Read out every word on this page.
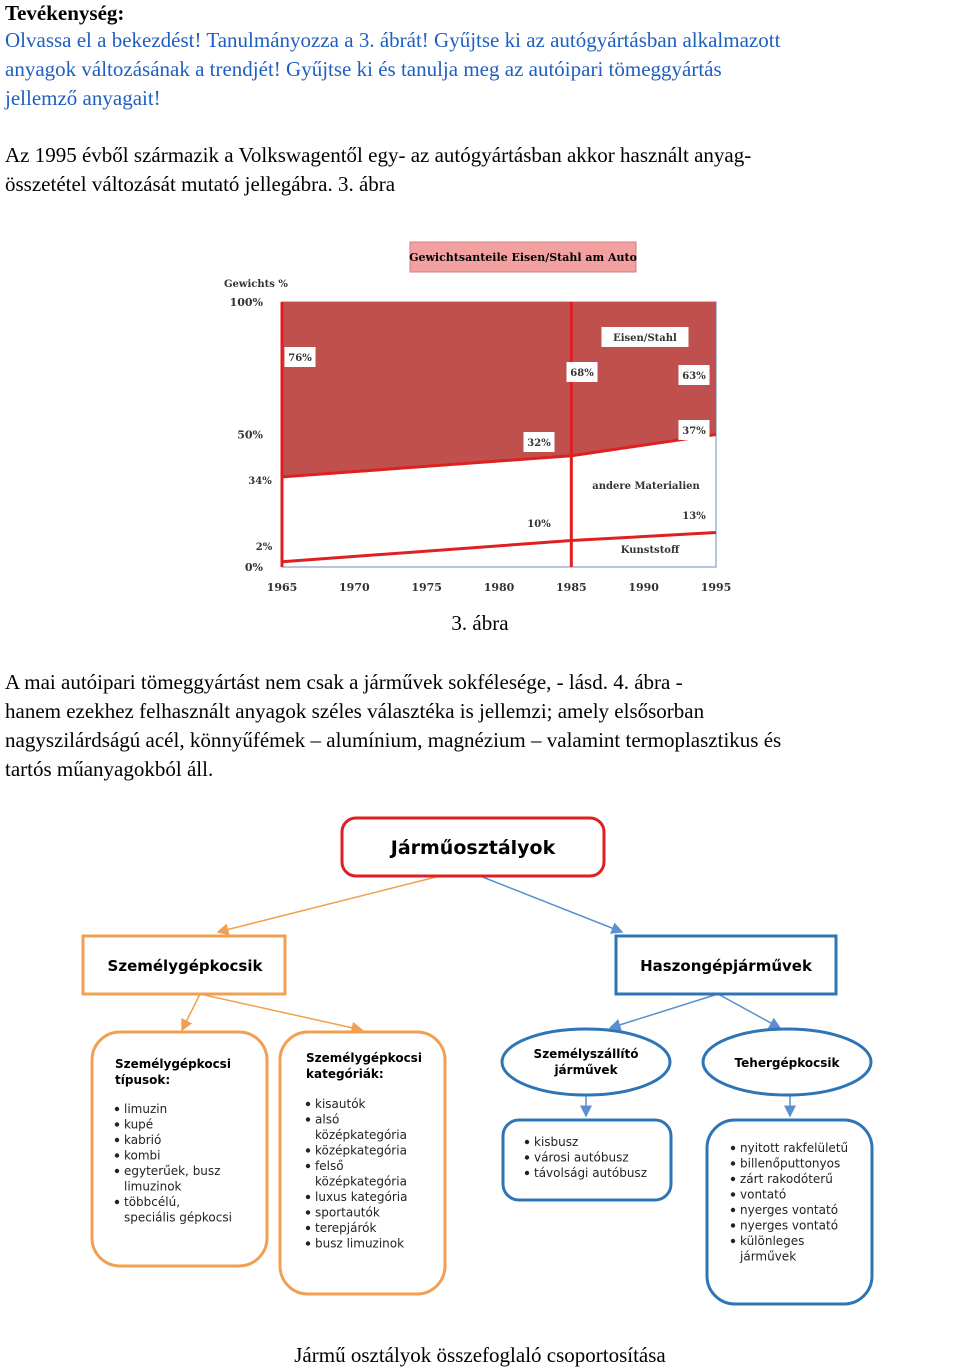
Tevékenység:
Olvassa el a bekezdést! Tanulmányozza a 3. ábrát! Gyűjtse ki az autógyártásban alkalmazott
anyagok változásának a trendjét! Gyűjtse ki és tanulja meg az autóipari tömeggyártás
jellemző anyagait!
Az 1995 évből származik a Volkswagentől egy- az autógyártásban akkor használt anyag-
összetétel változását mutató jellegábra. 3. ábra
Gewichtsanteile Eisen/Stahl am Auto
Gewichts %
100%
50%
0%
1965	1970	1975	1980	1985	1990	1995
76%
68%	63%
32%
37%
34%
2%
10%
13%
Eisen/Stahl
andere Materialien
Kunststoff
3. ábra
A mai autóipari tömeggyártást nem csak a járművek sokfélesége, - lásd. 4. ábra -
hanem ezekhez felhasznált anyagok széles választéka is jellemzi; amely elsősorban
nagyszilárdságú acél, könnyűfémek – alumínium, magnézium – valamint termoplasztikus és
tartós műanyagokból áll.
Járműosztályok
Személygépkocsik	Haszongépjárművek
Személygépkocsi
típusok:
limuzin
kupé
kabrió
kombi
egyterűek, busz
limuzinok
többcélú,
speciális gépkocsi
Személygépkocsi
kategóriák:
kisautók
alsó
középkategória
középkategória
felső
középkategória
luxus kategória
sportautók
terepjárók
busz limuzinok
Személyszállító
járművek
kisbusz
városi autóbusz
távolsági autóbusz
Tehergépkocsik
nyitott rakfelületű
billenőputtonyos
zárt rakodóterű
vontató
nyerges vontató
nyerges vontató
különleges
járművek
Jármű osztályok összefoglaló csoportosítása
